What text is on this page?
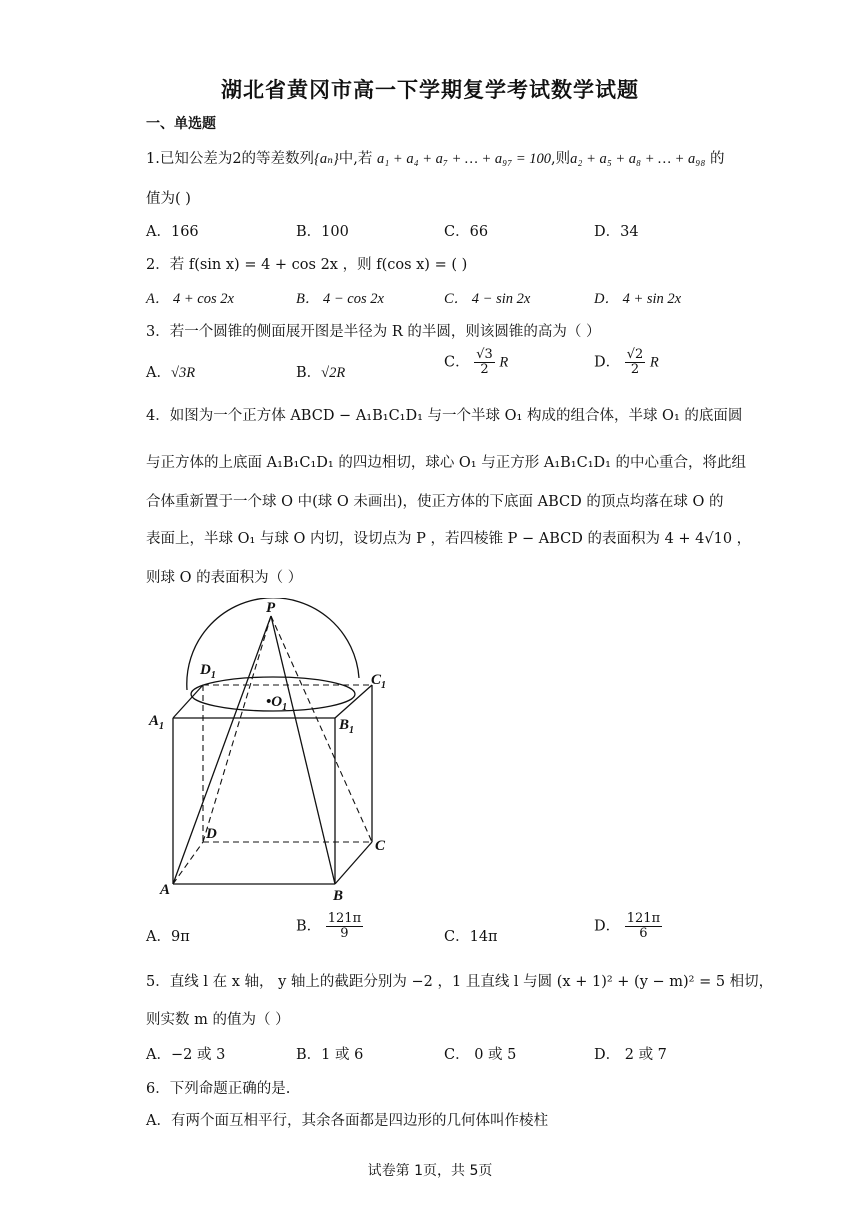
湖北省黄冈市高一下学期复学考试数学试题
一、单选题
1.已知公差为2的等差数列{aₙ}中,若 a₁ + a₄ + a₇ + … + a₉₇ = 100,则a₂ + a₅ + a₈ + … + a₉₈ 的
值为( )
A．166	B．100	C．66	D．34
2．若 f(sin x) = 4 + cos 2x ，则 f(cos x) = ( )
A． 4 + cos 2x	B． 4 − cos 2x	C． 4 − sin 2x	D． 4 + sin 2x
3．若一个圆锥的侧面展开图是半径为 R 的半圆，则该圆锥的高为（ ）
A．√3R	B．√2R
C． $\frac{√3}{2}$ R	D． $\frac{√2}{2}$ R
4．如图为一个正方体 ABCD − A₁B₁C₁D₁ 与一个半球 O₁ 构成的组合体，半球 O₁ 的底面圆
与正方体的上底面 A₁B₁C₁D₁ 的四边相切，球心 O₁ 与正方形 A₁B₁C₁D₁ 的中心重合，将此组
合体重新置于一个球 O 中(球 O 未画出)，使正方体的下底面 ABCD 的顶点均落在球 O 的
表面上，半球 O₁ 与球 O 内切，设切点为 P ，若四棱锥 P − ABCD 的表面积为 4 + 4√10 ，
则球 O 的表面积为（ ）
P
$D_1$	$C_1$
$A_1$	$B_1$
$•O_1$
D
C
A	B
A．9π
B． $\frac{121\pi}{9}$	C．14π
D． $\frac{121\pi}{6}$
5．直线 l 在 x 轴， y 轴上的截距分别为 −2 ，1 且直线 l 与圆 (x + 1)² + (y − m)² = 5 相切，
则实数 m 的值为（ ）
A．−2 或 3	B．1 或 6	C． 0 或 5	D． 2 或 7
6．下列命题正确的是.
A．有两个面互相平行，其余各面都是四边形的几何体叫作棱柱
试卷第 1页，共 5页
